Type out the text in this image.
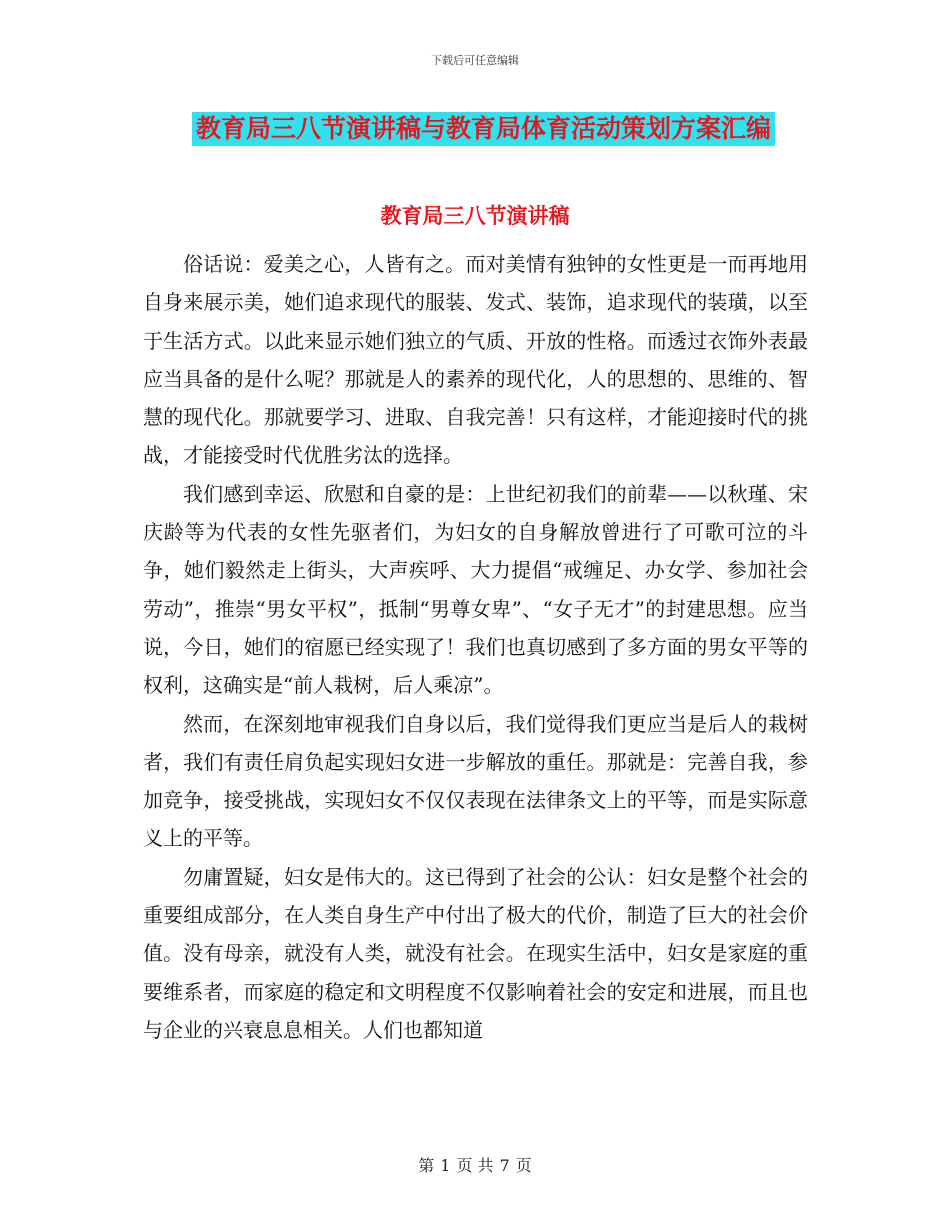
下载后可任意编辑
教育局三八节演讲稿与教育局体育活动策划方案汇编
教育局三八节演讲稿

俗话说：爱美之心，人皆有之。而对美情有独钟的女性更是一而再地用自身来展示美，她们追求现代的服装、发式、装饰，追求现代的装璜，以至于生活方式。以此来显示她们独立的气质、开放的性格。而透过衣饰外表最应当具备的是什么呢？那就是人的素养的现代化，人的思想的、思维的、智慧的现代化。那就要学习、进取、自我完善！只有这样，才能迎接时代的挑战，才能接受时代优胜劣汰的选择。

我们感到幸运、欣慰和自豪的是：上世纪初我们的前辈——以秋瑾、宋庆龄等为代表的女性先驱者们，为妇女的自身解放曾进行了可歌可泣的斗争，她们毅然走上街头，大声疾呼、大力提倡“戒缠足、办女学、参加社会劳动”，推崇“男女平权”，抵制“男尊女卑”、“女子无才”的封建思想。应当说，今日，她们的宿愿已经实现了！我们也真切感到了多方面的男女平等的权利，这确实是“前人栽树，后人乘凉”。

然而，在深刻地审视我们自身以后，我们觉得我们更应当是后人的栽树者，我们有责任肩负起实现妇女进一步解放的重任。那就是：完善自我，参加竞争，接受挑战，实现妇女不仅仅表现在法律条文上的平等，而是实际意义上的平等。

勿庸置疑，妇女是伟大的。这已得到了社会的公认：妇女是整个社会的重要组成部分，在人类自身生产中付出了极大的代价，制造了巨大的社会价值。没有母亲，就没有人类，就没有社会。在现实生活中，妇女是家庭的重要维系者，而家庭的稳定和文明程度不仅影响着社会的安定和进展，而且也与企业的兴衰息息相关。人们也都知道

第 1 页 共 7 页
